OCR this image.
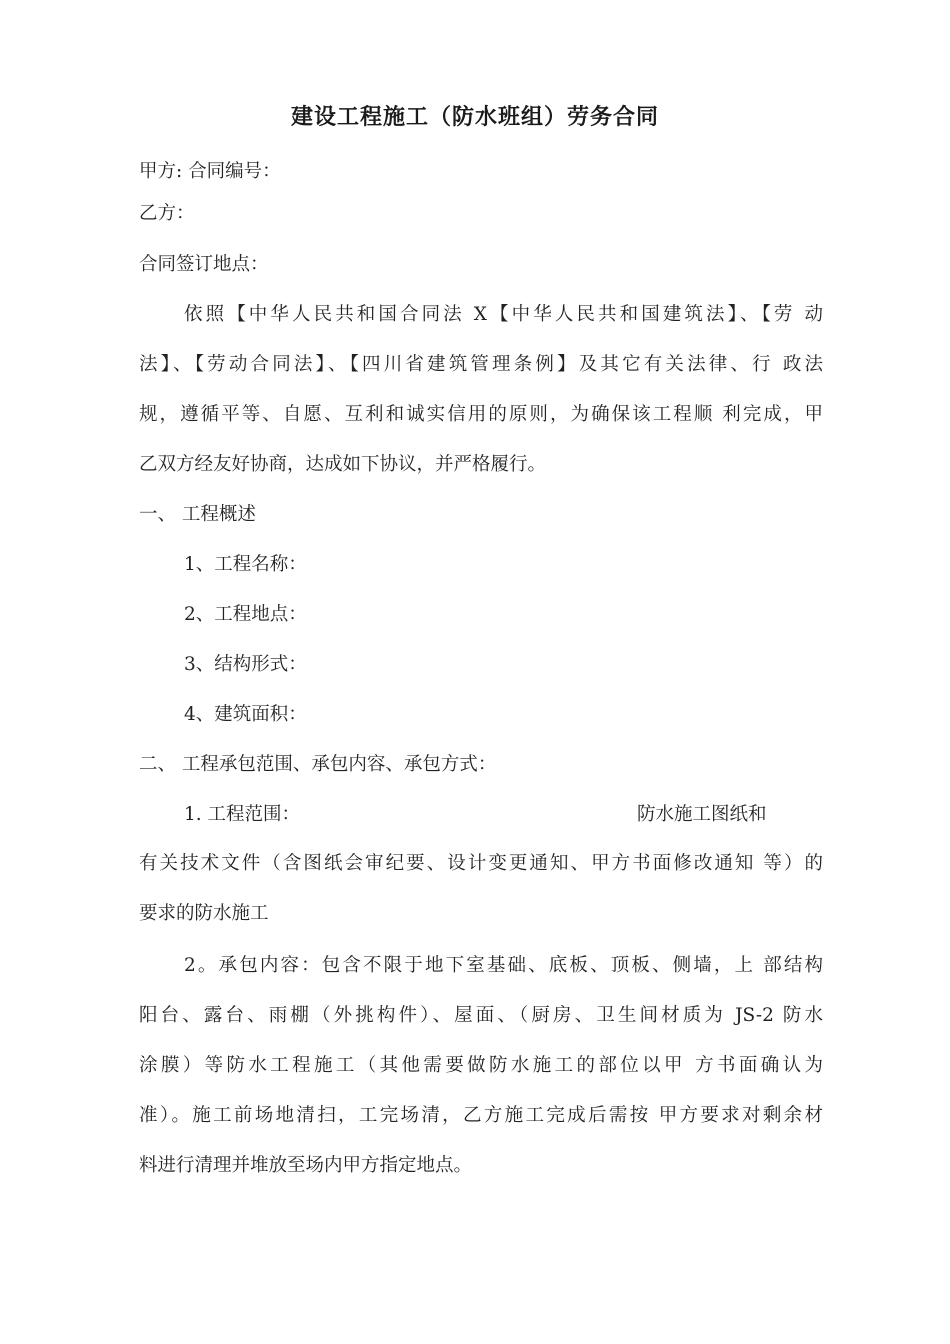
建设工程施工（防水班组）劳务合同
甲方: 合同编号：
乙方：
合同签订地点：
依照【中华人民共和国合同法 X【中华人民共和国建筑法】、【劳 动
法】、【劳动合同法】、【四川省建筑管理条例】及其它有关法律、行 政法
规，遵循平等、自愿、互利和诚实信用的原则，为确保该工程顺 利完成，甲
乙双方经友好协商，达成如下协议，并严格履行。
一、 工程概述
1、工程名称：
2、工程地点：
3、结构形式：
4、建筑面积：
二、 工程承包范围、承包内容、承包方式：
1. 工程范围：	防水施工图纸和
有关技术文件（含图纸会审纪要、设计变更通知、甲方书面修改通知 等）的
要求的防水施工
2。承包内容：包含不限于地下室基础、底板、顶板、侧墙，上 部结构
阳台、露台、雨棚（外挑构件）、屋面、（厨房、卫生间材质为 JS-2 防水
涂膜）等防水工程施工（其他需要做防水施工的部位以甲 方书面确认为
准）。施工前场地清扫，工完场清，乙方施工完成后需按 甲方要求对剩余材
料进行清理并堆放至场内甲方指定地点。
